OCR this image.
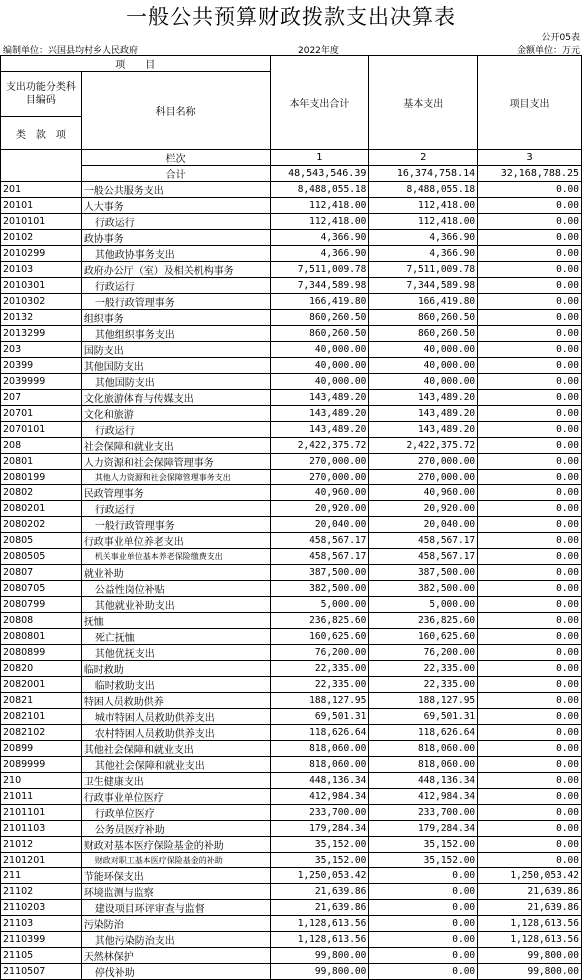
一般公共预算财政拨款支出决算表
公开05表
编制单位：兴国县均村乡人民政府	2022年度	金额单位：万元
项　　目		本年支出合计	基本支出	项目支出
支出功能分类科目编码	科目名称			
类 款 项				
	栏次	1	2	3
	合计	48,543,546.39	16,374,758.14	32,168,788.25
201	一般公共服务支出	8,488,055.18	8,488,055.18	0.00
20101	人大事务	112,418.00	112,418.00	0.00
2010101	行政运行	112,418.00	112,418.00	0.00
20102	政协事务	4,366.90	4,366.90	0.00
2010299	其他政协事务支出	4,366.90	4,366.90	0.00
20103	政府办公厅（室）及相关机构事务	7,511,009.78	7,511,009.78	0.00
2010301	行政运行	7,344,589.98	7,344,589.98	0.00
2010302	一般行政管理事务	166,419.80	166,419.80	0.00
20132	组织事务	860,260.50	860,260.50	0.00
2013299	其他组织事务支出	860,260.50	860,260.50	0.00
203	国防支出	40,000.00	40,000.00	0.00
20399	其他国防支出	40,000.00	40,000.00	0.00
2039999	其他国防支出	40,000.00	40,000.00	0.00
207	文化旅游体育与传媒支出	143,489.20	143,489.20	0.00
20701	文化和旅游	143,489.20	143,489.20	0.00
2070101	行政运行	143,489.20	143,489.20	0.00
208	社会保障和就业支出	2,422,375.72	2,422,375.72	0.00
20801	人力资源和社会保障管理事务	270,000.00	270,000.00	0.00
2080199	其他人力资源和社会保障管理事务支出	270,000.00	270,000.00	0.00
20802	民政管理事务	40,960.00	40,960.00	0.00
2080201	行政运行	20,920.00	20,920.00	0.00
2080202	一般行政管理事务	20,040.00	20,040.00	0.00
20805	行政事业单位养老支出	458,567.17	458,567.17	0.00
2080505	机关事业单位基本养老保险缴费支出	458,567.17	458,567.17	0.00
20807	就业补助	387,500.00	387,500.00	0.00
2080705	公益性岗位补贴	382,500.00	382,500.00	0.00
2080799	其他就业补助支出	5,000.00	5,000.00	0.00
20808	抚恤	236,825.60	236,825.60	0.00
2080801	死亡抚恤	160,625.60	160,625.60	0.00
2080899	其他优抚支出	76,200.00	76,200.00	0.00
20820	临时救助	22,335.00	22,335.00	0.00
2082001	临时救助支出	22,335.00	22,335.00	0.00
20821	特困人员救助供养	188,127.95	188,127.95	0.00
2082101	城市特困人员救助供养支出	69,501.31	69,501.31	0.00
2082102	农村特困人员救助供养支出	118,626.64	118,626.64	0.00
20899	其他社会保障和就业支出	818,060.00	818,060.00	0.00
2089999	其他社会保障和就业支出	818,060.00	818,060.00	0.00
210	卫生健康支出	448,136.34	448,136.34	0.00
21011	行政事业单位医疗	412,984.34	412,984.34	0.00
2101101	行政单位医疗	233,700.00	233,700.00	0.00
2101103	公务员医疗补助	179,284.34	179,284.34	0.00
21012	财政对基本医疗保险基金的补助	35,152.00	35,152.00	0.00
2101201	财政对职工基本医疗保险基金的补助	35,152.00	35,152.00	0.00
211	节能环保支出	1,250,053.42	0.00	1,250,053.42
21102	环境监测与监察	21,639.86	0.00	21,639.86
2110203	建设项目环评审查与监督	21,639.86	0.00	21,639.86
21103	污染防治	1,128,613.56	0.00	1,128,613.56
2110399	其他污染防治支出	1,128,613.56	0.00	1,128,613.56
21105	天然林保护	99,800.00	0.00	99,800.00
2110507	停伐补助	99,800.00	0.00	99,800.00
